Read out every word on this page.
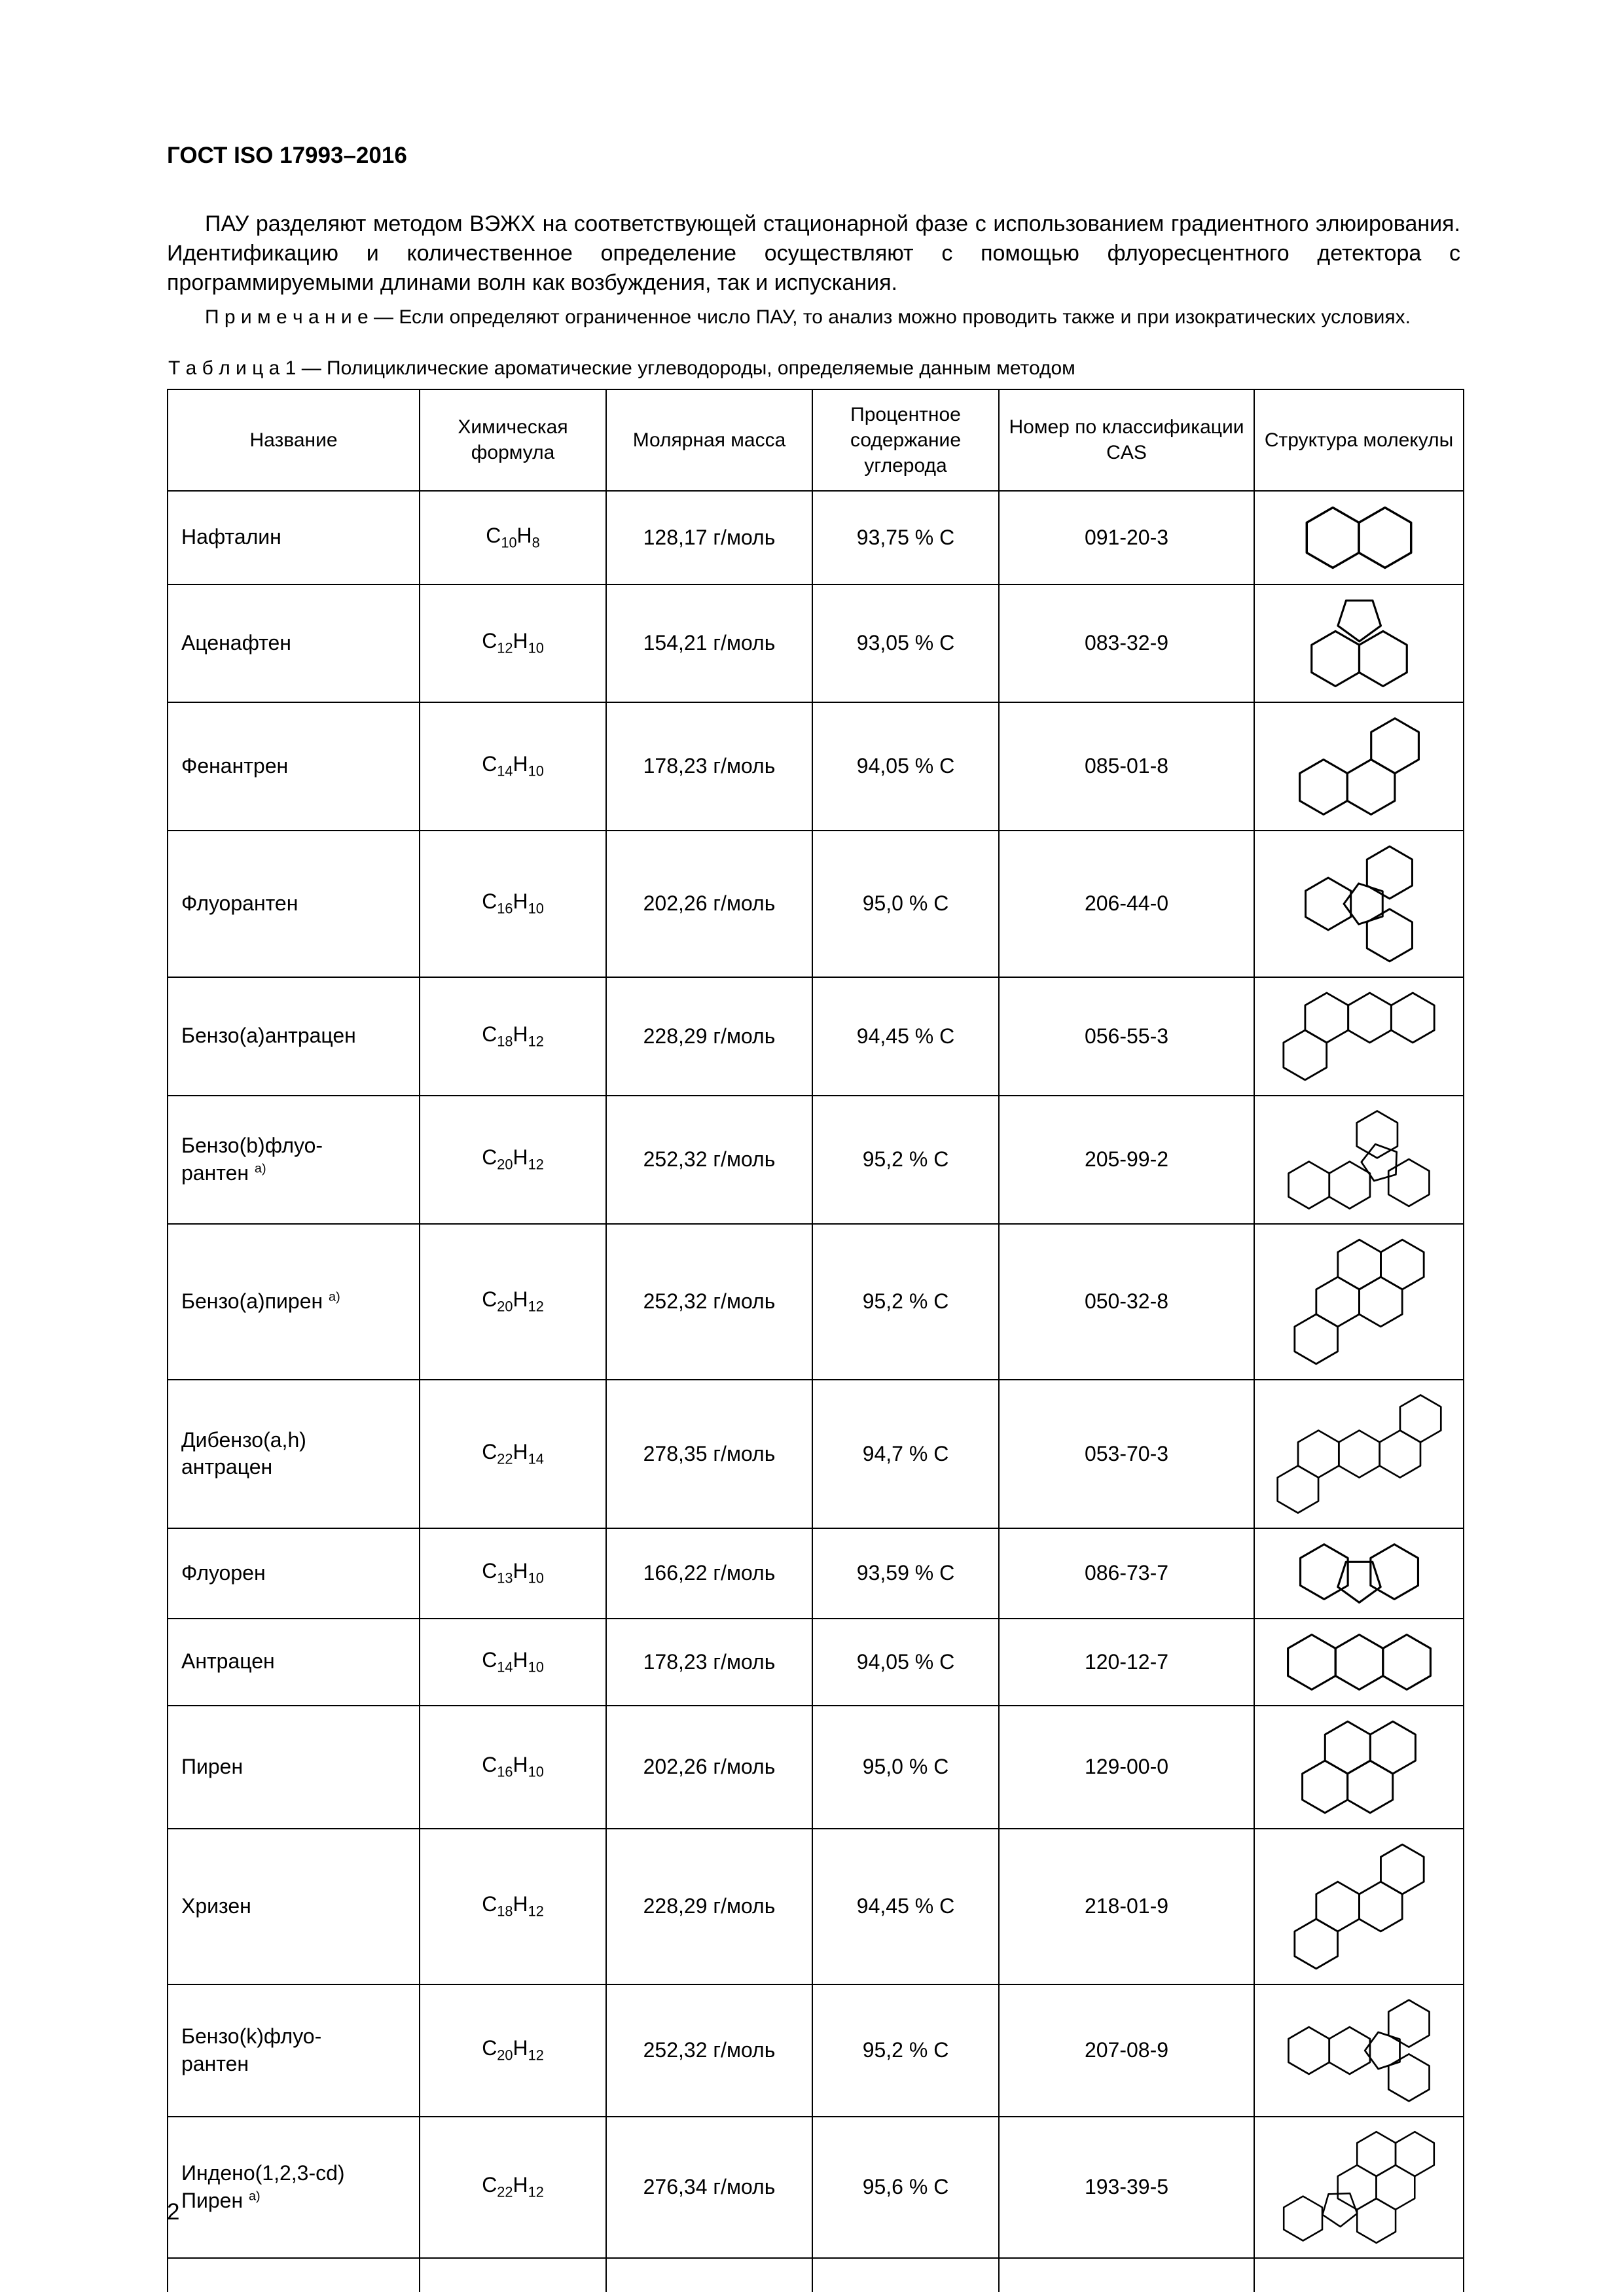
ГОСТ ISO 17993–2016

ПАУ разделяют методом ВЭЖХ на соответствующей стационарной фазе с использованием градиентного элюирования. Идентификацию и количественное определение осуществляют с помощью флуоресцентного детектора с программируемыми длинами волн как возбуждения, так и испускания.

П р и м е ч а н и е — Если определяют ограниченное число ПАУ, то анализ можно проводить также и при изократических условиях.

Т а б л и ц а 1 — Полициклические ароматические углеводороды, определяемые данным методом
Название	Химическая формула	Молярная масса	Процентное содержание углерода	Номер по классификации CAS	Структура молекулы
Нафталин	$C_{10}H_8$	128,17 г/моль	93,75 % С	091-20-3	

Аценафтен	$C_{12}H_{10}$	154,21 г/моль	93,05 % С	083-32-9	

Фенантрен	$C_{14}H_{10}$	178,23 г/моль	94,05 % С	085-01-8	

Флуорантен	$C_{16}H_{10}$	202,26 г/моль	95,0 % С	206-44-0	

Бензо(а)антрацен	$C_{18}H_{12}$	228,29 г/моль	94,45 % С	056-55-3	

Бензо(b)флуо-
рантен $^{а)}$	$C_{20}H_{12}$	252,32 г/моль	95,2 % С	205-99-2	

Бензо(а)пирен $^{а)}$	$C_{20}H_{12}$	252,32 г/моль	95,2 % С	050-32-8	

Дибензо(a,h)
антрацен	$C_{22}H_{14}$	278,35 г/моль	94,7 % С	053-70-3	

Флуорен	$C_{13}H_{10}$	166,22 г/моль	93,59 % С	086-73-7	

Антрацен	$C_{14}H_{10}$	178,23 г/моль	94,05 % С	120-12-7	

Пирен	$C_{16}H_{10}$	202,26 г/моль	95,0 % С	129-00-0	

Хризен	$C_{18}H_{12}$	228,29 г/моль	94,45 % С	218-01-9	

Бензо(k)флуо-
рантен	$C_{20}H_{12}$	252,32 г/моль	95,2 % С	207-08-9	

Индено(1,2,3-cd)
Пирен $^{а)}$	$C_{22}H_{12}$	276,34 г/моль	95,6 % С	193-39-5	

2
